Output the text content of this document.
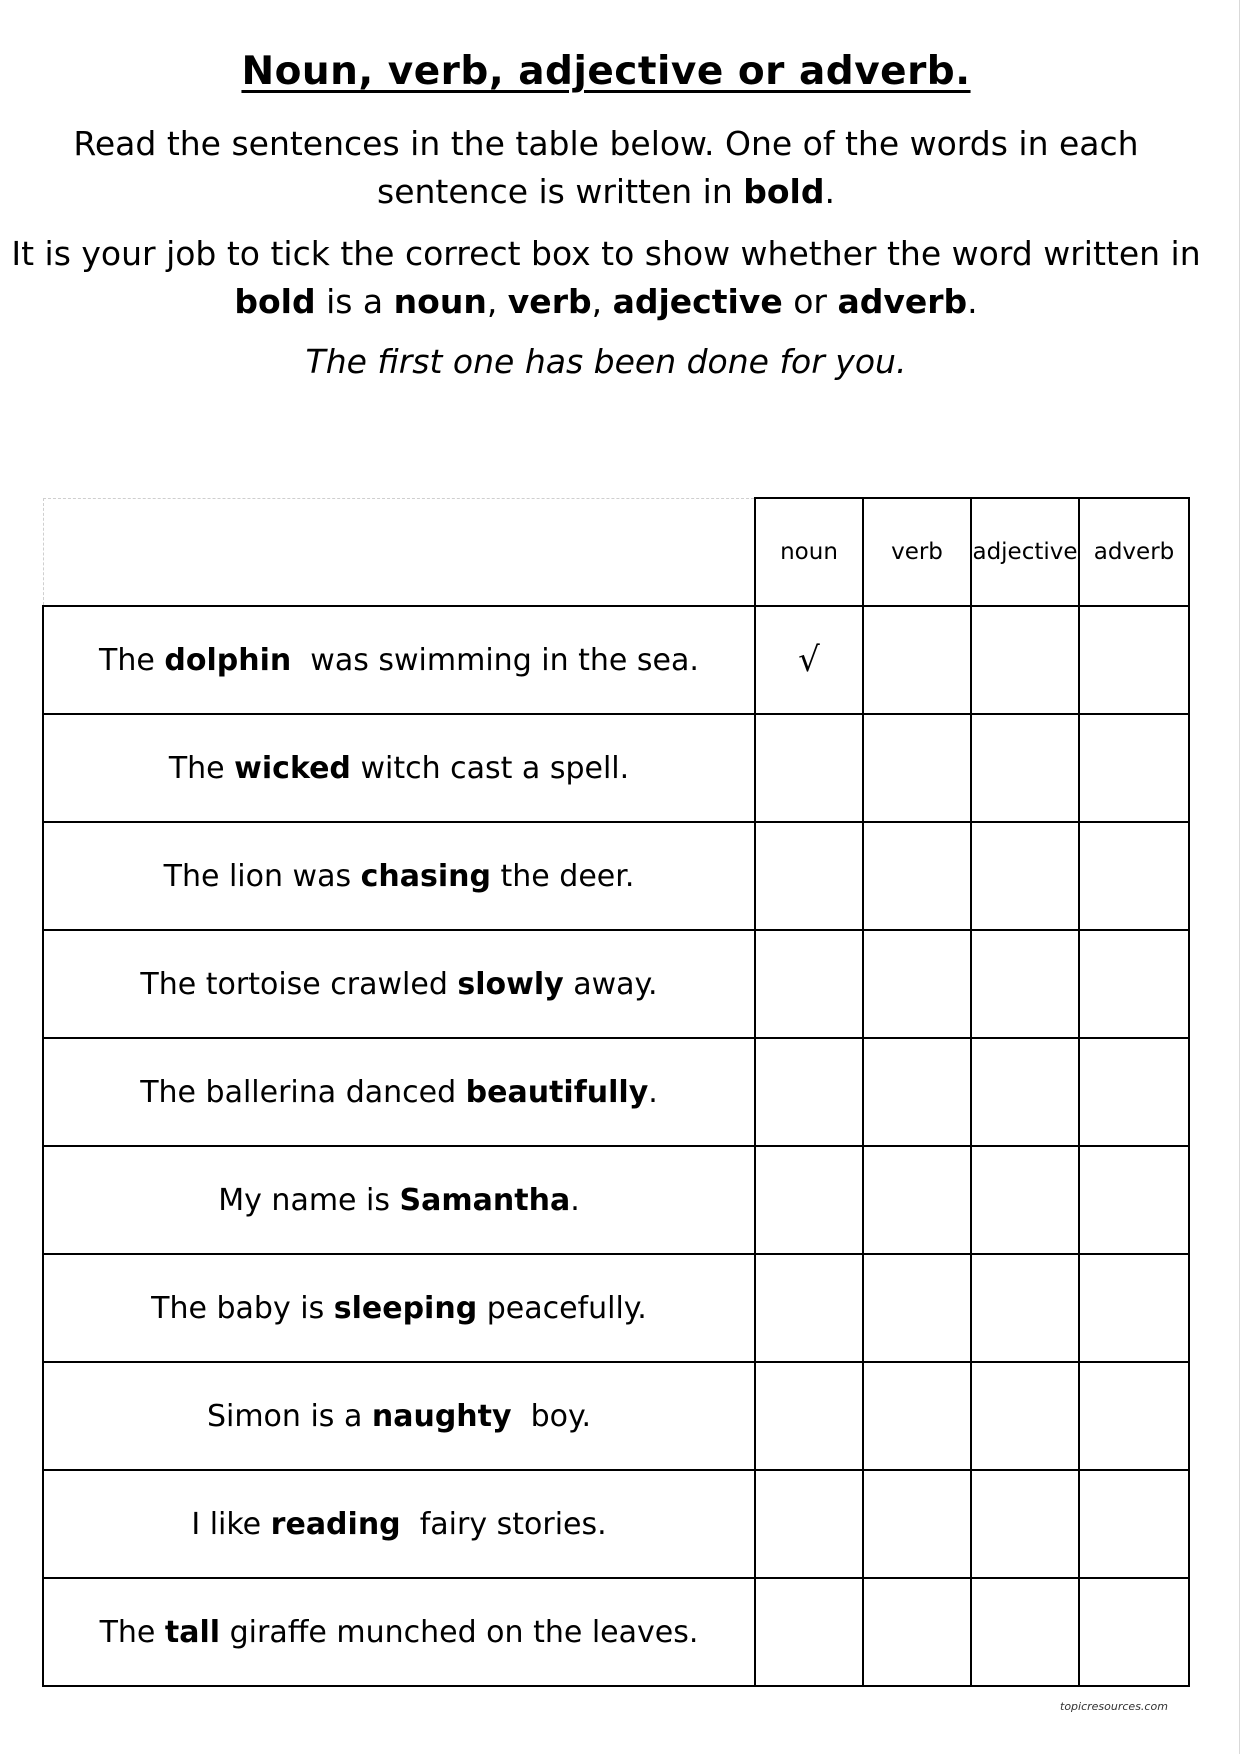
Noun, verb, adjective or adverb.
Read the sentences in the table below. One of the words in each sentence is written in bold.
It is your job to tick the correct box to show whether the word written in bold is a noun, verb, adjective or adverb.
The first one has been done for you.
	noun	verb	adjective	adverb
The dolphin  was swimming in the sea.	√			
The wicked witch cast a spell.				
The lion was chasing the deer.				
The tortoise crawled slowly away.				
The ballerina danced beautifully.				
My name is Samantha.				
The baby is sleeping peacefully.				
Simon is a naughty  boy.				
I like reading  fairy stories.				
The tall giraffe munched on the leaves.				
topicresources.com
